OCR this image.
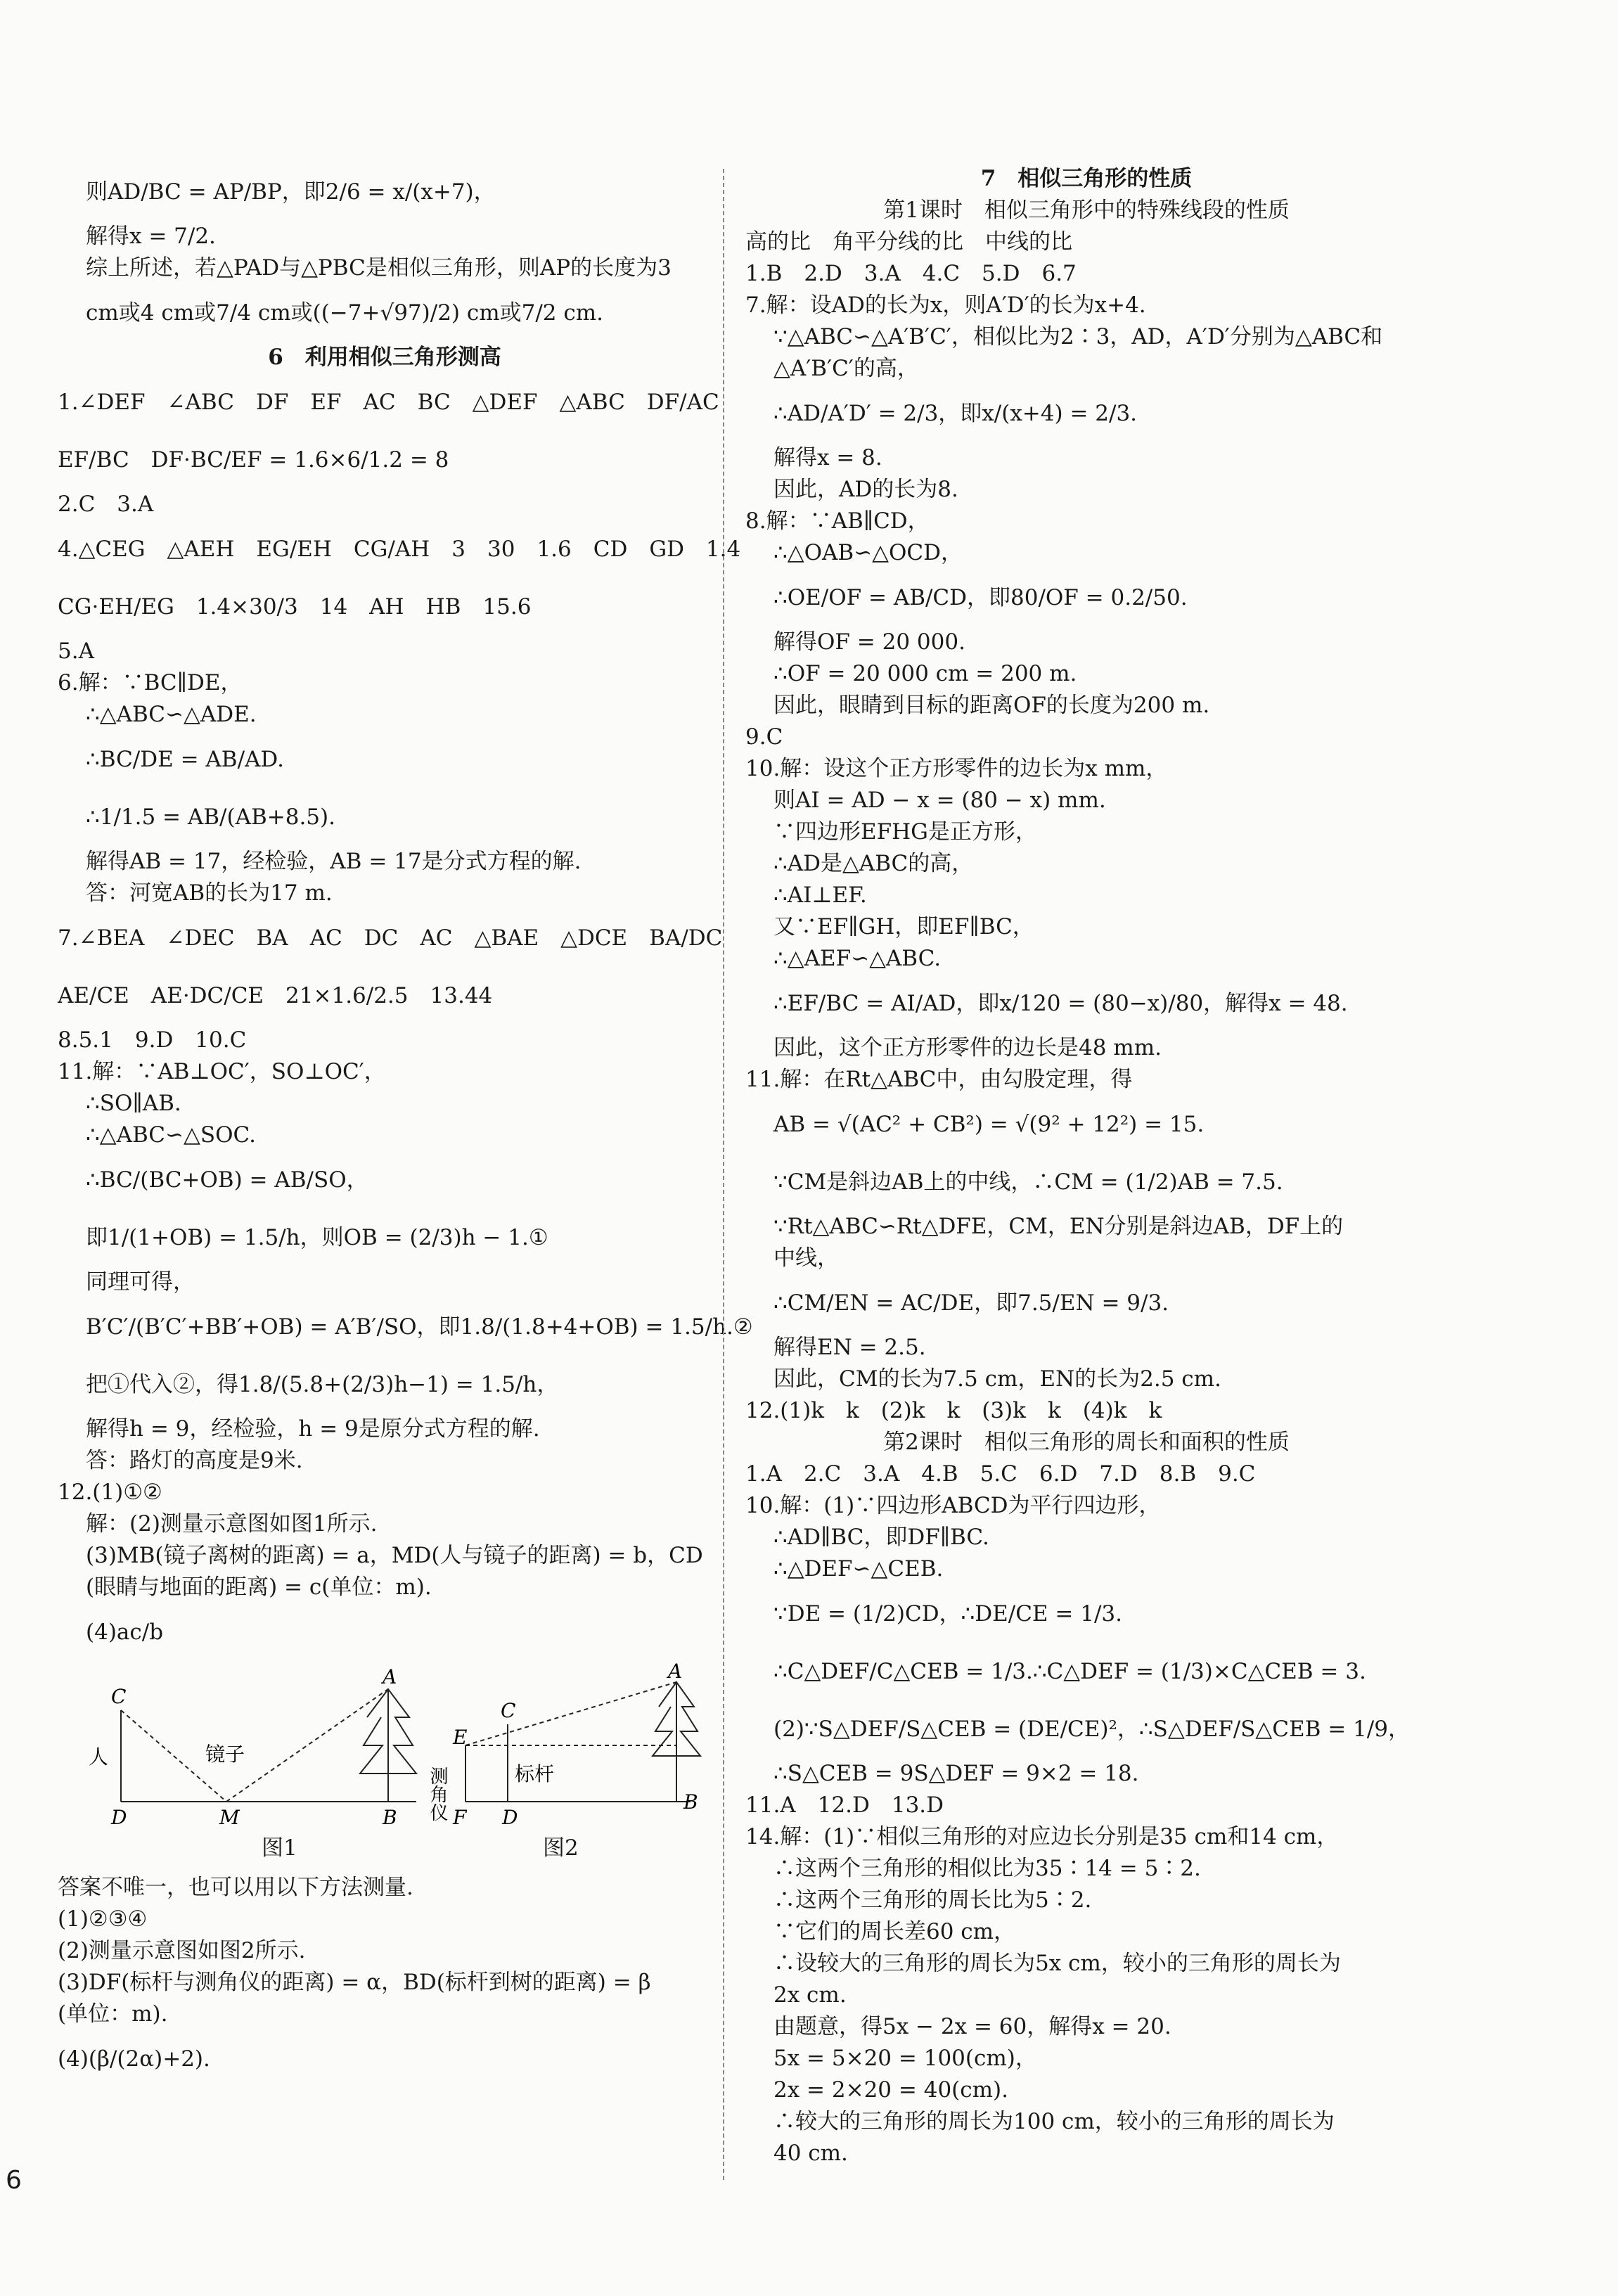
则AD/BC = AP/BP，即2/6 = x/(x+7)，

解得x = 7/2.

综上所述，若△PAD与△PBC是相似三角形，则AP的长度为3

cm或4 cm或7/4 cm或((−7+√97)/2) cm或7/2 cm.

6　利用相似三角形测高

1.∠DEF　∠ABC　DF　EF　AC　BC　△DEF　△ABC　DF/AC

EF/BC　DF·BC/EF = 1.6×6/1.2 = 8

2.C　3.A

4.△CEG　△AEH　EG/EH　CG/AH　3　30　1.6　CD　GD　1.4

CG·EH/EG　1.4×30/3　14　AH　HB　15.6

5.A

6.解：∵BC∥DE，

∴△ABC∽△ADE.

∴BC/DE = AB/AD.

∴1/1.5 = AB/(AB+8.5).

解得AB = 17，经检验，AB = 17是分式方程的解.

答：河宽AB的长为17 m.

7.∠BEA　∠DEC　BA　AC　DC　AC　△BAE　△DCE　BA/DC

AE/CE　AE·DC/CE　21×1.6/2.5　13.44

8.5.1　9.D　10.C

11.解：∵AB⊥OC′，SO⊥OC′，

∴SO∥AB.

∴△ABC∽△SOC.

∴BC/(BC+OB) = AB/SO，

即1/(1+OB) = 1.5/h，则OB = (2/3)h − 1.①

同理可得，

B′C′/(B′C′+BB′+OB) = A′B′/SO，即1.8/(1.8+4+OB) = 1.5/h.②

把①代入②，得1.8/(5.8+(2/3)h−1) = 1.5/h，

解得h = 9，经检验，h = 9是原分式方程的解.

答：路灯的高度是9米.

12.(1)①②

解：(2)测量示意图如图1所示.

(3)MB(镜子离树的距离) = a，MD(人与镜子的距离) = b，CD

(眼睛与地面的距离) = c(单位：m).

(4)ac/b

C
D	M	B
A
人	镜子
图1
E
C
F D
B
A
测角仪	标杆
图2

答案不唯一，也可以用以下方法测量.

(1)②③④

(2)测量示意图如图2所示.

(3)DF(标杆与测角仪的距离) = α，BD(标杆到树的距离) = β

(单位：m).

(4)(β/(2α)+2).

7　相似三角形的性质

第1课时　相似三角形中的特殊线段的性质

高的比　角平分线的比　中线的比

1.B　2.D　3.A　4.C　5.D　6.7

7.解：设AD的长为x，则A′D′的长为x+4.

∵△ABC∽△A′B′C′，相似比为2∶3，AD，A′D′分别为△ABC和

△A′B′C′的高，

∴AD/A′D′ = 2/3，即x/(x+4) = 2/3.

解得x = 8.

因此，AD的长为8.

8.解：∵AB∥CD，

∴△OAB∽△OCD，

∴OE/OF = AB/CD，即80/OF = 0.2/50.

解得OF = 20 000.

∴OF = 20 000 cm = 200 m.

因此，眼睛到目标的距离OF的长度为200 m.

9.C

10.解：设这个正方形零件的边长为x mm，

则AI = AD − x = (80 − x) mm.

∵四边形EFHG是正方形，

∴AD是△ABC的高，

∴AI⊥EF.

又∵EF∥GH，即EF∥BC，

∴△AEF∽△ABC.

∴EF/BC = AI/AD，即x/120 = (80−x)/80，解得x = 48.

因此，这个正方形零件的边长是48 mm.

11.解：在Rt△ABC中，由勾股定理，得

AB = √(AC² + CB²) = √(9² + 12²) = 15.

∵CM是斜边AB上的中线，∴CM = (1/2)AB = 7.5.

∵Rt△ABC∽Rt△DFE，CM，EN分别是斜边AB，DF上的

中线，

∴CM/EN = AC/DE，即7.5/EN = 9/3.

解得EN = 2.5.

因此，CM的长为7.5 cm，EN的长为2.5 cm.

12.(1)k　k　(2)k　k　(3)k　k　(4)k　k

第2课时　相似三角形的周长和面积的性质

1.A　2.C　3.A　4.B　5.C　6.D　7.D　8.B　9.C

10.解：(1)∵四边形ABCD为平行四边形，

∴AD∥BC，即DF∥BC.

∴△DEF∽△CEB.

∵DE = (1/2)CD，∴DE/CE = 1/3.

∴C△DEF/C△CEB = 1/3.∴C△DEF = (1/3)×C△CEB = 3.

(2)∵S△DEF/S△CEB = (DE/CE)²，∴S△DEF/S△CEB = 1/9，

∴S△CEB = 9S△DEF = 9×2 = 18.

11.A　12.D　13.D

14.解：(1)∵相似三角形的对应边长分别是35 cm和14 cm，

∴这两个三角形的相似比为35∶14 = 5∶2.

∴这两个三角形的周长比为5∶2.

∵它们的周长差60 cm，

∴设较大的三角形的周长为5x cm，较小的三角形的周长为

2x cm.

由题意，得5x − 2x = 60，解得x = 20.

5x = 5×20 = 100(cm)，

2x = 2×20 = 40(cm).

∴较大的三角形的周长为100 cm，较小的三角形的周长为

40 cm.

6
